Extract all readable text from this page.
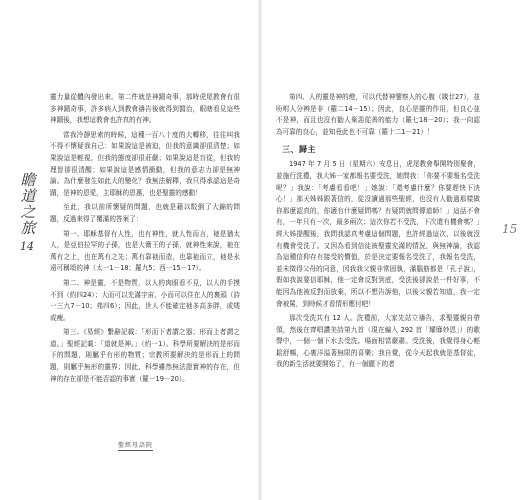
瞻道之旅
14

靈力量從體內發出來。第二件就是神蹟奇事，那時虎尾教會有很多神蹟奇事，許多病人到教會禱告後就得到醫治，眼瞎看見這些神蹟後，我想這教會也許真的有神。

當我冷靜思索的時候，這種一百八十度的大轉移，往往叫我不得不懷疑我自己：如果說這是被迫，但我的意識卻很清楚；如果說這是輕視，但我的態度卻很莊嚴；如果說這是盲從，但我的理智卻很清醒；如果說這是感情衝動，但我的意志力卻是無神論。為什麼發生如此大的變化？我無法解釋，我只得承認這是奇蹟，是神的恩愛，主耶穌的恩惠，也是聖靈的感動！

至此，我以前所懷疑的問題，也就是藉以駁倒了大錦的問題，反過來得了覆滿的答案了：

第一、耶穌基督有人性，也有神性，就人性而言，祂是猶太人，是亞伯拉罕的子孫，也是大衛王的子孫，就神性來說，祂在萬有之上，也在萬有之先；萬有靠祂而造，也靠祂而立，祂是永遠可稱頌的神（太一1－18；羅九5；西一15－17）。

第二、神是靈，不是物質，以人的肉眼看不見，以人的手摸不到（約四24）；大而可以充滿宇宙，小而可以住在人的裏頭（詩一三九7－10；弗四6）；因此，世人不能確定祂多高多胖，或矮或瘦。

第三、《易經》繫辭記載：「形而下者謂之器；形而上者謂之道。」聖經記載：「道就是神。」（約一1）。科學所要解決的是形而下的問題，則屬乎有形的物質；宗教所要解決的是形而上的問題，則屬乎無形的靈界；因此，科學雖然無法證實神的存在，但神的存在卻是不能否認的事實（羅一19－20）。

聖經母語院

第四、人的靈是神的燈，可以代替神鑒察人的心腹（箴廿27），並吩咐人分辨是非（羅二14－15）；因此，良心是靈的作用，但良心並不是神，而且也沒有勸人棄惡從善的能力（羅七18－20）；我一向認為可靠的良心，並知竟此也不可靠（羅十二1－21）！

三、歸主

1947 年 7 月 5 日（星期六）安息日，虎尾教會舉開特別聚會，並施行洗禮，我大姊一家都報名要受洗，她問我：「你要不要報名受洗呢？」我說：「考慮看看吧！」她說：「還考慮什麼？你要趕快下決心！」那天姊姊跟著信的，從沒讀過那些聖經，也沒有人勸過那樣做你那麼認真的，你適有什麼疑問嗎？有疑問就問傳道師！」這話不會有，一年只有一次，最多兩次；這次你若不受洗，下次還有機會嗎？」經大姊提醒後，我問我認真考慮這個問題，也許經過這次，以後就沒有機會受洗了。又因為看到信徒被聖靈充滿的情況，與無神論，我認為這種信仰存有接受的價值，於是決定要報名受洗了，我報名受洗，並未徵得父母的同意，因我我父親非常固執，滿腦筋都是「孔子說」，假如我說要信耶穌，他一定會反對到底，受洗後卻說是一件好事，不能因為他被反對而放棄，所以不想告訴他，以後父親若知道，我一定會被罵，到時候才看情形應付吧！

那次受洗共有 12 人。洗禮前，大家先站立禱告，求聖靈親自帶領，然後在齊唱讚美詩第九首（現在編入 292 首「耀靡妙恩」）的歌聲中，一個一個下水去受洗。場面相當嚴肅。受洗後，我覺得身心輕鬆舒暢，心裏洋溢著無限的喜樂；我自覺，從今天起我就是基督徒，我的新生活就要開始了，有一個顯下的者

15
